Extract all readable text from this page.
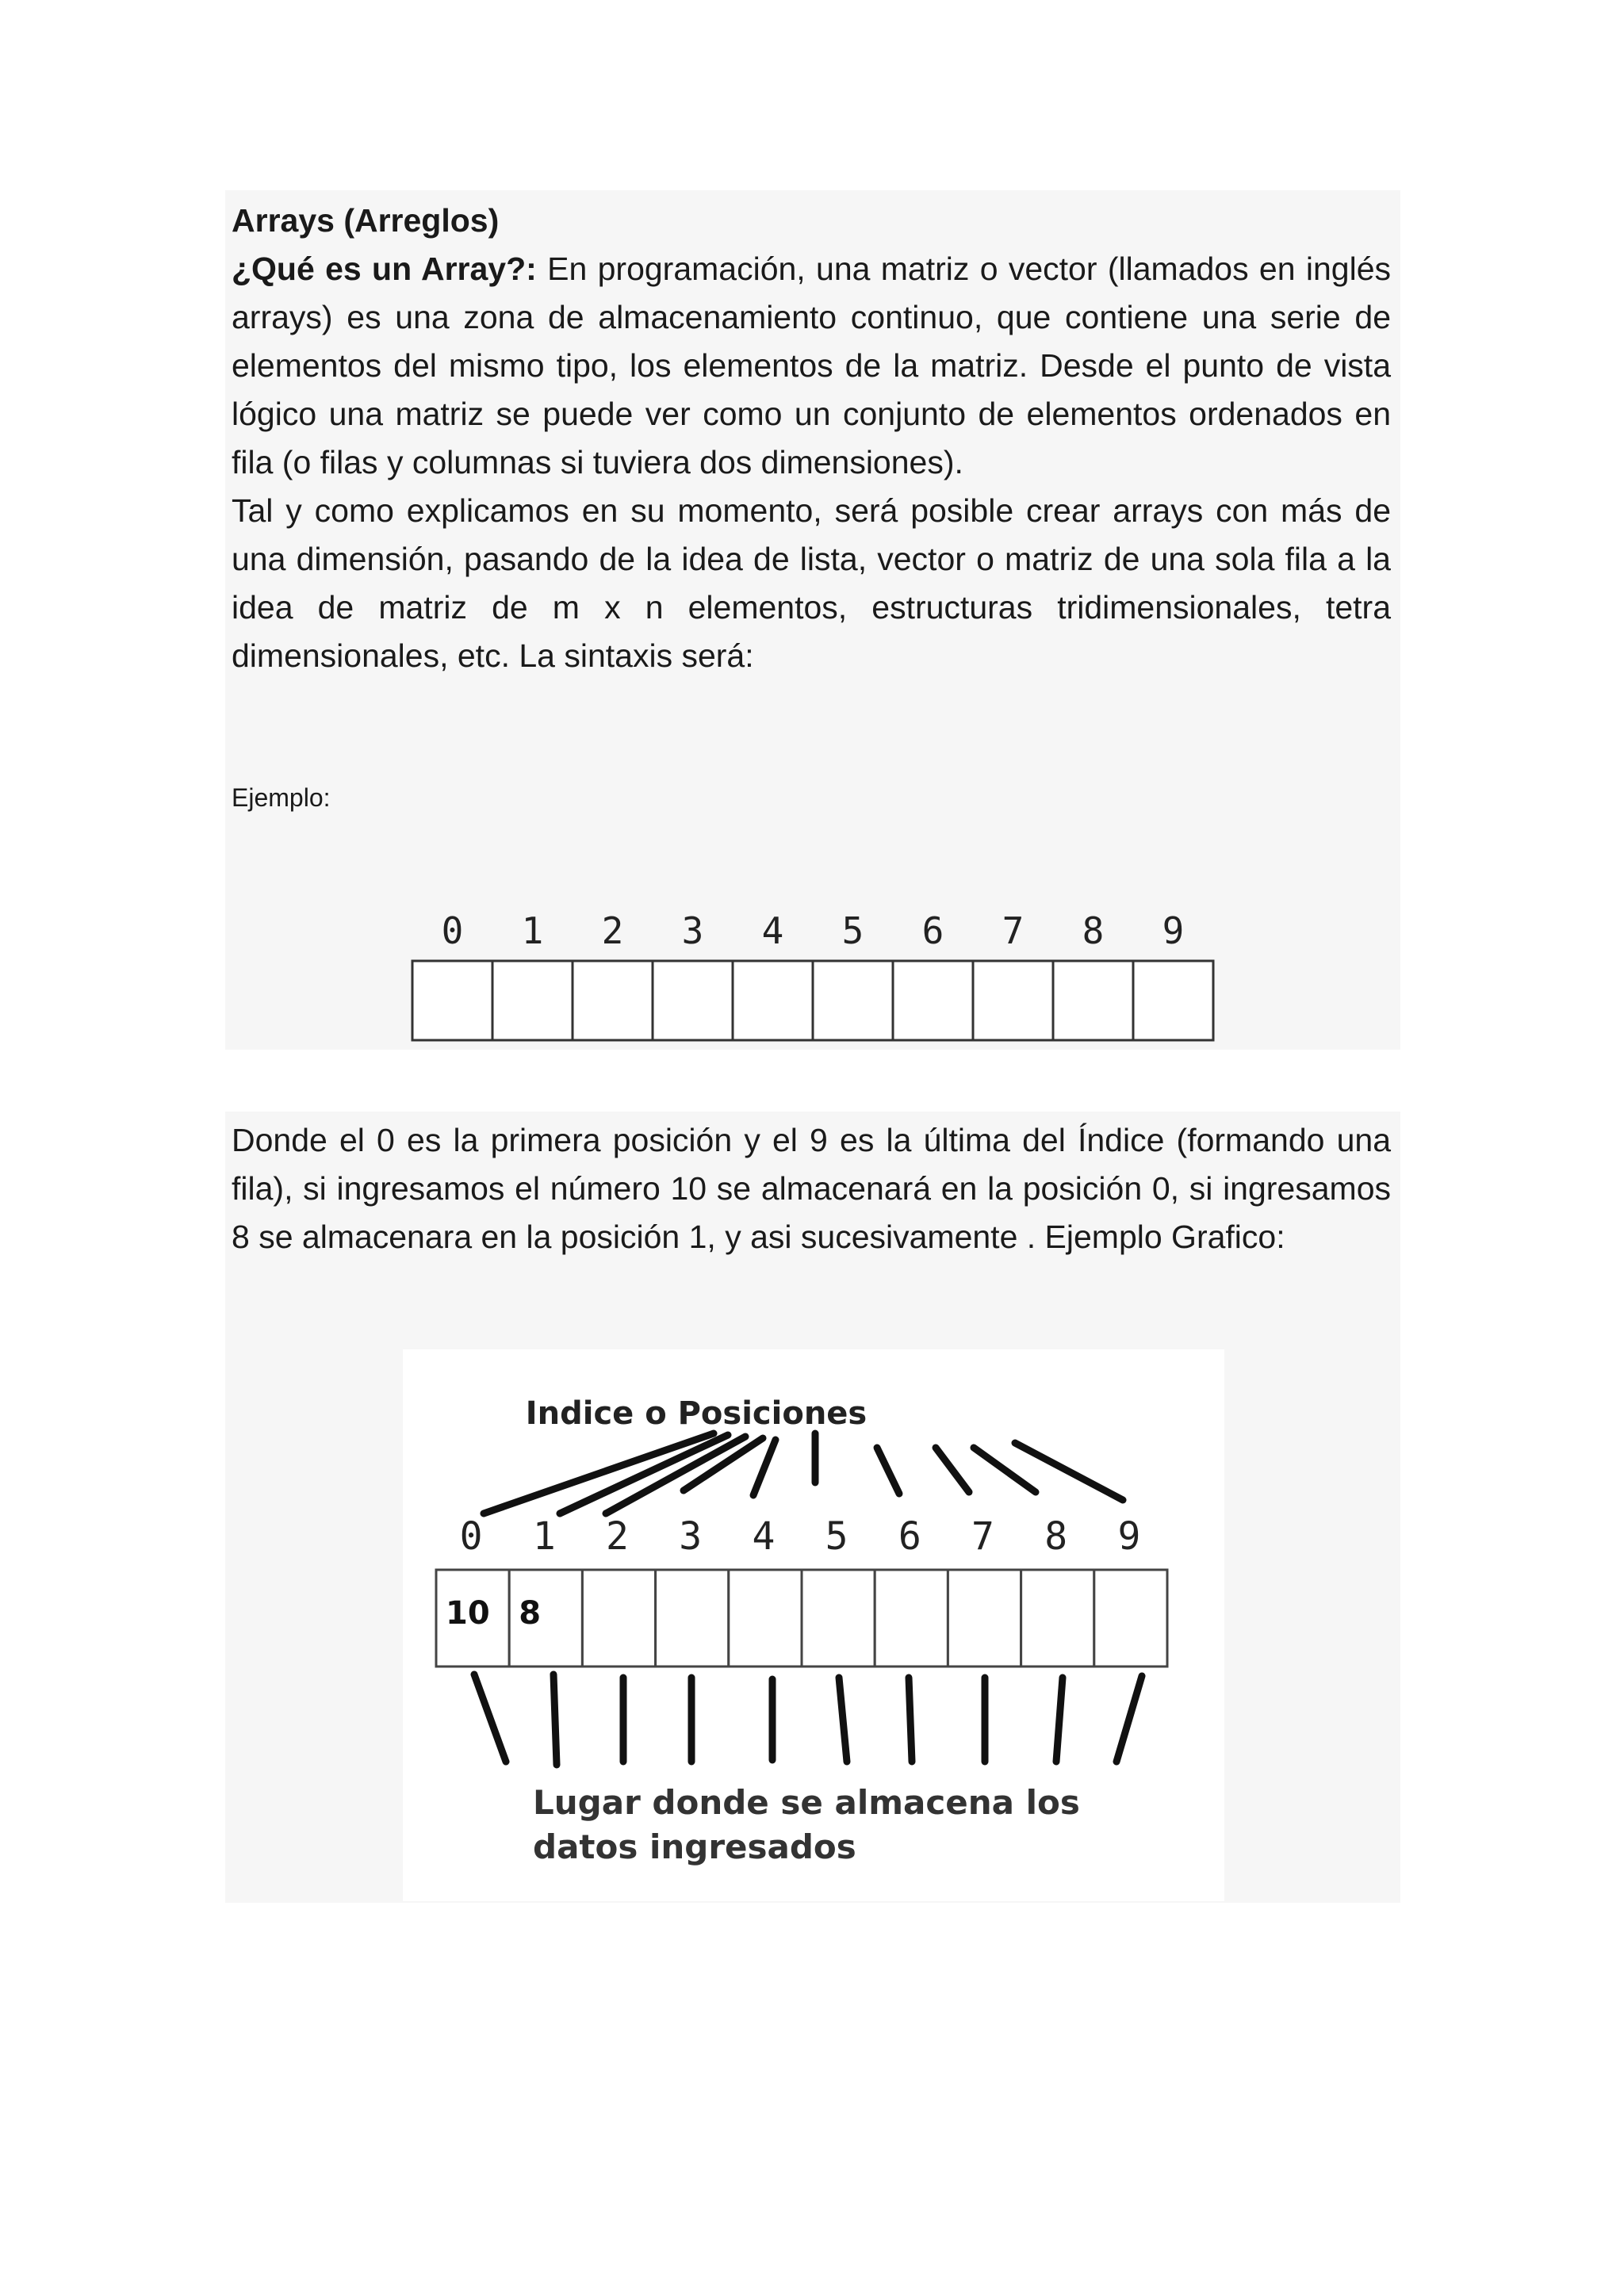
Arrays (Arreglos)

¿Qué es un Array?: En programación, una matriz o vector (llamados en inglés arrays) es una zona de almacenamiento continuo, que contiene una serie de elementos del mismo tipo, los elementos de la matriz. Desde el punto de vista lógico una matriz se puede ver como un conjunto de elementos ordenados en fila (o filas y columnas si tuviera dos dimensiones).

Tal y como explicamos en su momento, será posible crear arrays con más de una dimensión, pasando de la idea de lista, vector o matriz de una sola fila a la idea de matriz de m x n elementos, estructuras tridimensionales, tetra dimensionales, etc. La sintaxis será:

Ejemplo:
0 1 2 3 4 5 6 7 8 9

Donde el 0 es la primera posición y el 9 es la última del Índice (formando una fila), si ingresamos el número 10 se almacenará en la posición 0, si ingresamos 8 se almacenara en la posición 1, y asi sucesivamente . Ejemplo Grafico:

Indice o Posiciones
0 1 2 3 4 5 6 7 8 9
10 8
Lugar donde se almacena los
datos ingresados
